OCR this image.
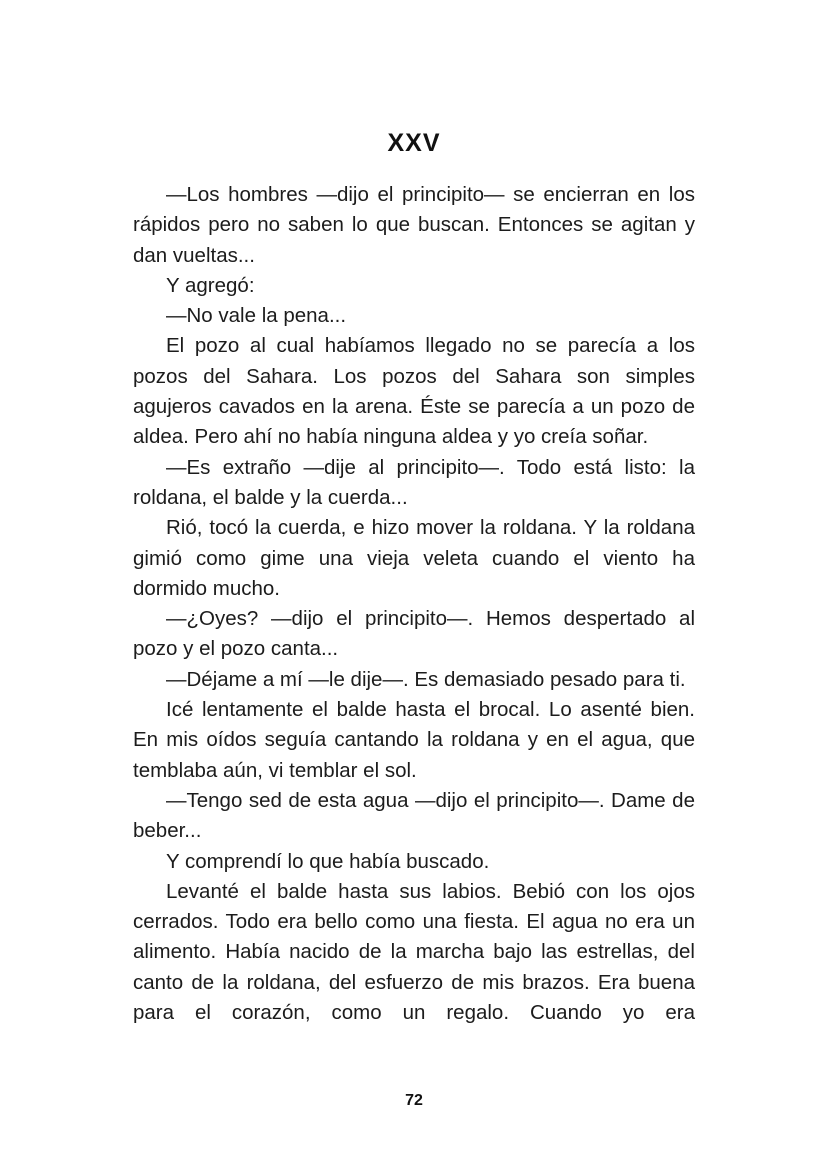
XXV

—Los hombres —dijo el principito— se encierran en los rápidos pero no saben lo que buscan. Entonces se agitan y dan vueltas...

Y agregó:

—No vale la pena...

El pozo al cual habíamos llegado no se parecía a los pozos del Sahara. Los pozos del Sahara son simples agujeros cavados en la arena. Éste se parecía a un pozo de aldea. Pero ahí no había ninguna aldea y yo creía soñar.

—Es extraño —dije al principito—. Todo está listo: la roldana, el balde y la cuerda...

Rió, tocó la cuerda, e hizo mover la roldana. Y la roldana gimió como gime una vieja veleta cuando el viento ha dormido mucho.

—¿Oyes? —dijo el principito—. Hemos despertado al pozo y el pozo canta...

—Déjame a mí —le dije—. Es demasiado pesado para ti.

Icé lentamente el balde hasta el brocal. Lo asenté bien. En mis oídos seguía cantando la roldana y en el agua, que temblaba aún, vi temblar el sol.

—Tengo sed de esta agua —dijo el principito—. Dame de beber...

Y comprendí lo que había buscado.

Levanté el balde hasta sus labios. Bebió con los ojos cerrados. Todo era bello como una fiesta. El agua no era un alimento. Había nacido de la marcha bajo las estrellas, del canto de la roldana, del esfuerzo de mis brazos. Era buena para el corazón, como un regalo. Cuando yo era

72
